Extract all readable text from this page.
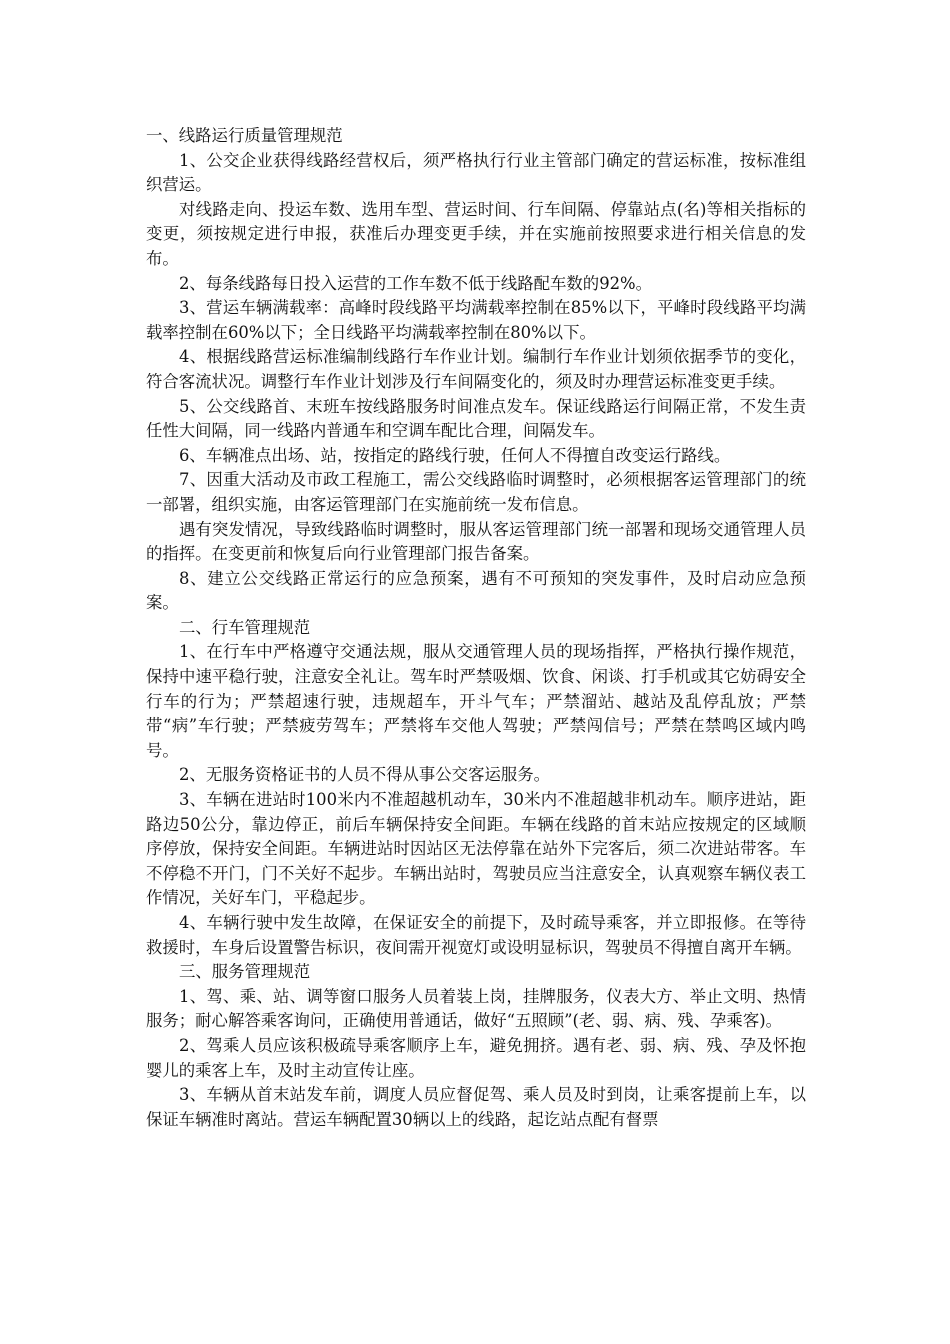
一、线路运行质量管理规范

1、公交企业获得线路经营权后，须严格执行行业主管部门确定的营运标准，按标准组织营运。

对线路走向、投运车数、选用车型、营运时间、行车间隔、停靠站点(名)等相关指标的变更，须按规定进行申报，获准后办理变更手续，并在实施前按照要求进行相关信息的发布。

2、每条线路每日投入运营的工作车数不低于线路配车数的92%。

3、营运车辆满载率：高峰时段线路平均满载率控制在85%以下，平峰时段线路平均满载率控制在60%以下；全日线路平均满载率控制在80%以下。

4、根据线路营运标准编制线路行车作业计划。编制行车作业计划须依据季节的变化，符合客流状况。调整行车作业计划涉及行车间隔变化的，须及时办理营运标准变更手续。

5、公交线路首、末班车按线路服务时间准点发车。保证线路运行间隔正常，不发生责任性大间隔，同一线路内普通车和空调车配比合理，间隔发车。

6、车辆准点出场、站，按指定的路线行驶，任何人不得擅自改变运行路线。

7、因重大活动及市政工程施工，需公交线路临时调整时，必须根据客运管理部门的统一部署，组织实施，由客运管理部门在实施前统一发布信息。

遇有突发情况，导致线路临时调整时，服从客运管理部门统一部署和现场交通管理人员的指挥。在变更前和恢复后向行业管理部门报告备案。

8、建立公交线路正常运行的应急预案，遇有不可预知的突发事件，及时启动应急预案。

二、行车管理规范

1、在行车中严格遵守交通法规，服从交通管理人员的现场指挥，严格执行操作规范，保持中速平稳行驶，注意安全礼让。驾车时严禁吸烟、饮食、闲谈、打手机或其它妨碍安全行车的行为；严禁超速行驶，违规超车，开斗气车；严禁溜站、越站及乱停乱放；严禁带“病”车行驶；严禁疲劳驾车；严禁将车交他人驾驶；严禁闯信号；严禁在禁鸣区域内鸣号。

2、无服务资格证书的人员不得从事公交客运服务。

3、车辆在进站时100米内不准超越机动车，30米内不准超越非机动车。顺序进站，距路边50公分，靠边停正，前后车辆保持安全间距。车辆在线路的首末站应按规定的区域顺序停放，保持安全间距。车辆进站时因站区无法停靠在站外下完客后，须二次进站带客。车不停稳不开门，门不关好不起步。车辆出站时，驾驶员应当注意安全，认真观察车辆仪表工作情况，关好车门，平稳起步。

4、车辆行驶中发生故障，在保证安全的前提下，及时疏导乘客，并立即报修。在等待救援时，车身后设置警告标识，夜间需开视宽灯或设明显标识，驾驶员不得擅自离开车辆。

三、服务管理规范

1、驾、乘、站、调等窗口服务人员着装上岗，挂牌服务，仪表大方、举止文明、热情服务；耐心解答乘客询问，正确使用普通话，做好“五照顾”(老、弱、病、残、孕乘客)。

2、驾乘人员应该积极疏导乘客顺序上车，避免拥挤。遇有老、弱、病、残、孕及怀抱婴儿的乘客上车，及时主动宣传让座。

3、车辆从首末站发车前，调度人员应督促驾、乘人员及时到岗，让乘客提前上车，以保证车辆准时离站。营运车辆配置30辆以上的线路，起讫站点配有督票
